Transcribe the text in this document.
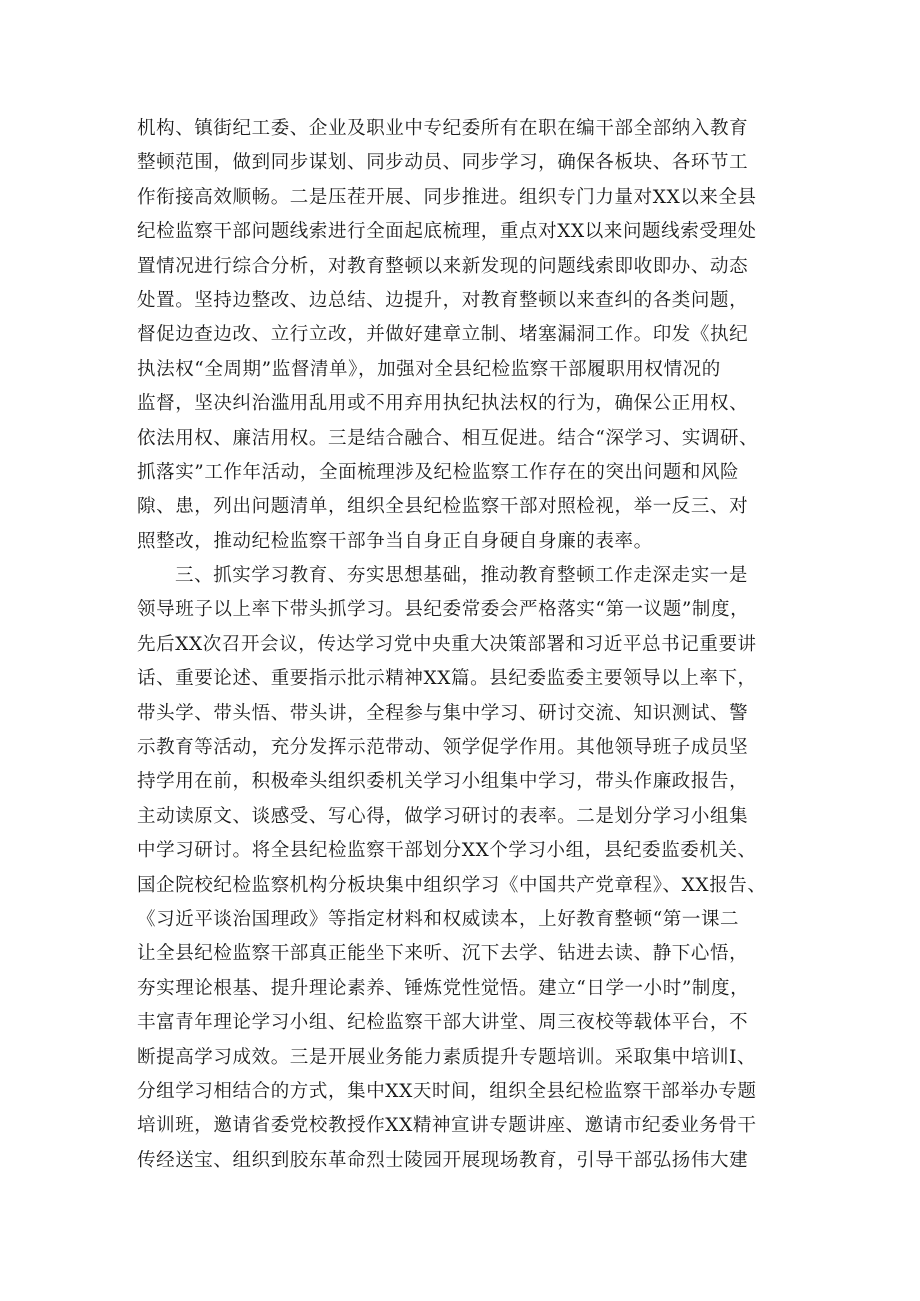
机构、镇街纪工委、企业及职业中专纪委所有在职在编干部全部纳入教育
整顿范围，做到同步谋划、同步动员、同步学习，确保各板块、各环节工
作衔接高效顺畅。二是压茬开展、同步推进。组织专门力量对XX以来全县
纪检监察干部问题线索进行全面起底梳理，重点对XX以来问题线索受理处
置情况进行综合分析，对教育整顿以来新发现的问题线索即收即办、动态
处置。坚持边整改、边总结、边提升，对教育整顿以来查纠的各类问题，
督促边查边改、立行立改，并做好建章立制、堵塞漏洞工作。印发《执纪
执法权“全周期”监督清单》，加强对全县纪检监察干部履职用权情况的
监督，坚决纠治滥用乱用或不用弃用执纪执法权的行为，确保公正用权、
依法用权、廉洁用权。三是结合融合、相互促进。结合“深学习、实调研、
抓落实”工作年活动，全面梳理涉及纪检监察工作存在的突出问题和风险
隙、患，列出问题清单，组织全县纪检监察干部对照检视，举一反三、对
照整改，推动纪检监察干部争当自身正自身硬自身廉的表率。
三、抓实学习教育、夯实思想基础，推动教育整顿工作走深走实一是
领导班子以上率下带头抓学习。县纪委常委会严格落实“第一议题”制度，
先后XX次召开会议，传达学习党中央重大决策部署和习近平总书记重要讲
话、重要论述、重要指示批示精神XX篇。县纪委监委主要领导以上率下，
带头学、带头悟、带头讲，全程参与集中学习、研讨交流、知识测试、警
示教育等活动，充分发挥示范带动、领学促学作用。其他领导班子成员坚
持学用在前，积极牵头组织委机关学习小组集中学习，带头作廉政报告，
主动读原文、谈感受、写心得，做学习研讨的表率。二是划分学习小组集
中学习研讨。将全县纪检监察干部划分XX个学习小组，县纪委监委机关、
国企院校纪检监察机构分板块集中组织学习《中国共产党章程》、XX报告、
《习近平谈治国理政》等指定材料和权威读本，上好教育整顿“第一课二
让全县纪检监察干部真正能坐下来听、沉下去学、钻进去读、静下心悟，
夯实理论根基、提升理论素养、锤炼党性觉悟。建立“日学一小时”制度，
丰富青年理论学习小组、纪检监察干部大讲堂、周三夜校等载体平台，不
断提高学习成效。三是开展业务能力素质提升专题培训。采取集中培训I、
分组学习相结合的方式，集中XX天时间，组织全县纪检监察干部举办专题
培训班，邀请省委党校教授作XX精神宣讲专题讲座、邀请市纪委业务骨干
传经送宝、组织到胶东革命烈士陵园开展现场教育，引导干部弘扬伟大建
